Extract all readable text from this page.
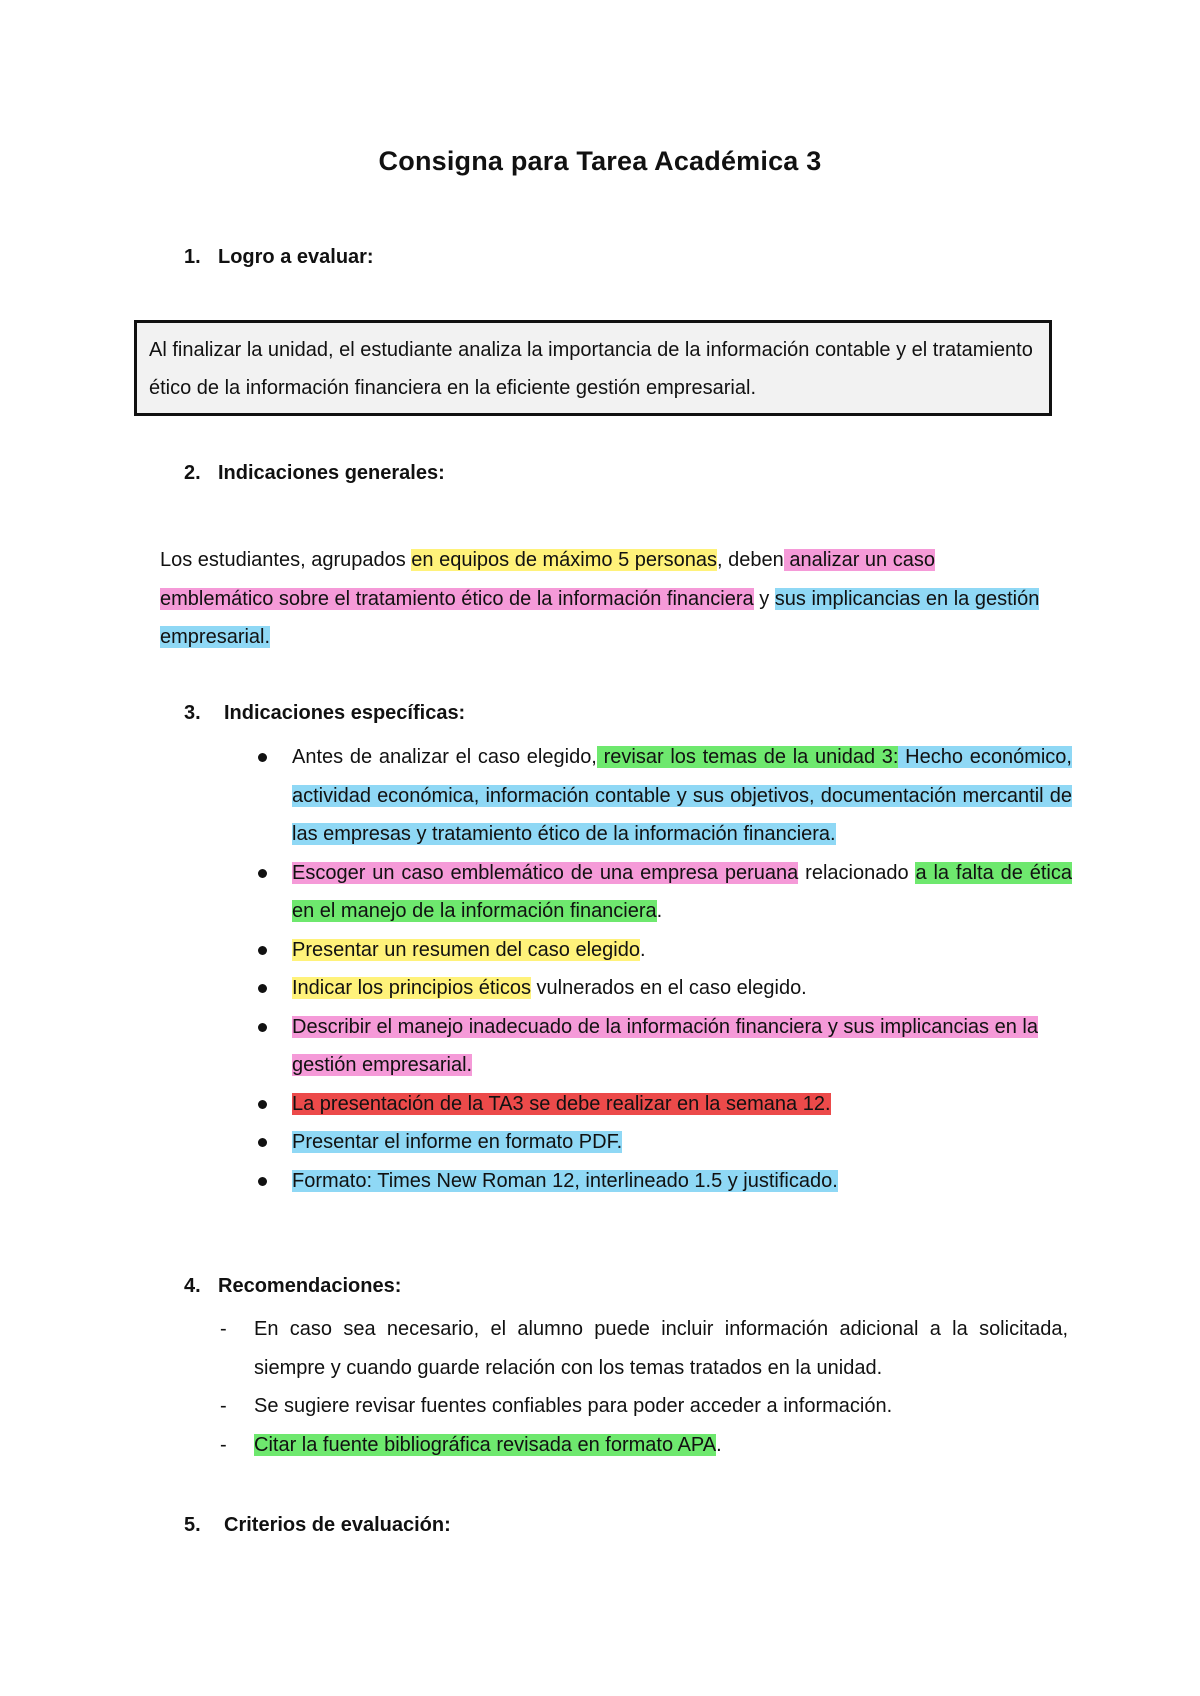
Consigna para Tarea Académica 3
1. Logro a evaluar:
Al finalizar la unidad, el estudiante analiza la importancia de la información contable y el tratamiento ético de la información financiera en la eficiente gestión empresarial.
2. Indicaciones generales:
Los estudiantes, agrupados en equipos de máximo 5 personas, deben analizar un caso emblemático sobre el tratamiento ético de la información financiera y sus implicancias en la gestión empresarial.
3. Indicaciones específicas:
Antes de analizar el caso elegido, revisar los temas de la unidad 3: Hecho económico, actividad económica, información contable y sus objetivos, documentación mercantil de las empresas y tratamiento ético de la información financiera.
Escoger un caso emblemático de una empresa peruana relacionado a la falta de ética en el manejo de la información financiera.
Presentar un resumen del caso elegido.
Indicar los principios éticos vulnerados en el caso elegido.
Describir el manejo inadecuado de la información financiera y sus implicancias en la gestión empresarial.
La presentación de la TA3 se debe realizar en la semana 12.
Presentar el informe en formato PDF.
Formato: Times New Roman 12, interlineado 1.5 y justificado.
4. Recomendaciones:
- En caso sea necesario, el alumno puede incluir información adicional a la solicitada, siempre y cuando guarde relación con los temas tratados en la unidad.
- Se sugiere revisar fuentes confiables para poder acceder a información.
- Citar la fuente bibliográfica revisada en formato APA.
5. Criterios de evaluación:
